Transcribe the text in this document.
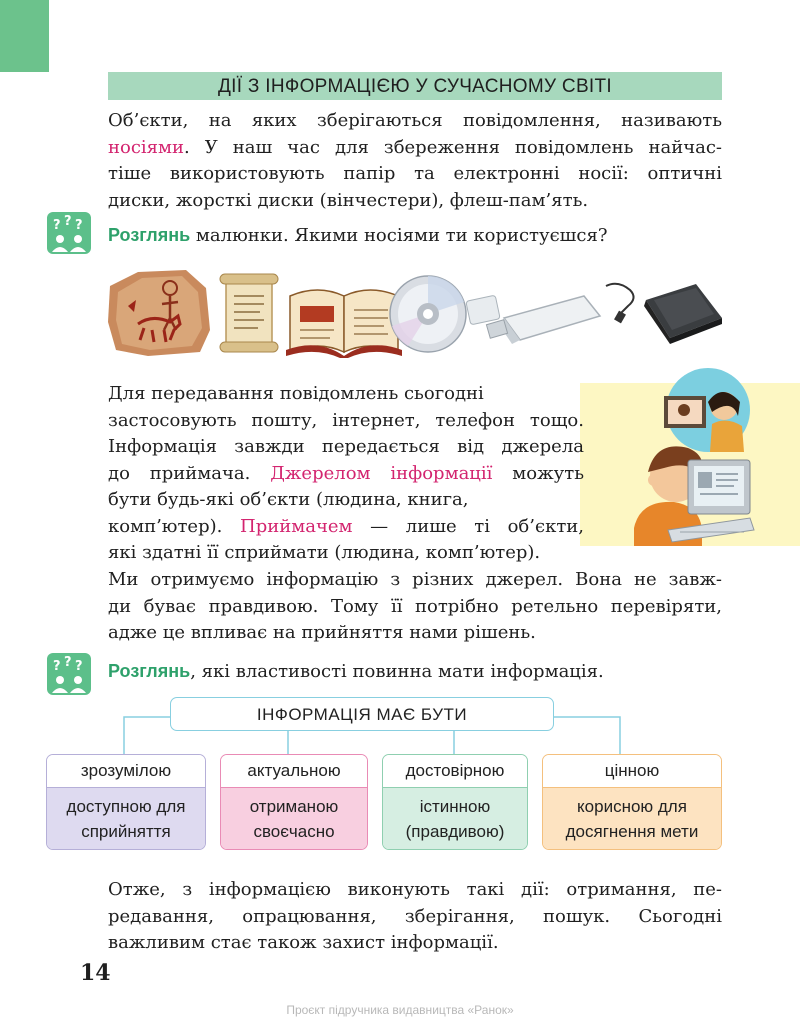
ДІЇ З ІНФОРМАЦІЄЮ У СУЧАСНОМУ СВІТІ
Об’єкти, на яких зберігаються повідомлення, називають
носіями. У наш час для збереження повідомлень найчас-
тіше використовують папір та електронні носії: оптичні
диски, жорсткі диски (вінчестери), флеш-пам’ять.
? ? ? Розглянь малюнки. Якими носіями ти користуєшся?
Для передавання повідомлень сьогодні
застосовують пошту, інтернет, телефон тощо.
Інформація завжди передається від джерела
до приймача. Джерелом інформації можуть
бути будь-які об’єкти (людина, книга,
комп’ютер). Приймачем — лише ті об’єкти,
які здатні її сприймати (людина, комп’ютер).
Ми отримуємо інформацію з різних джерел. Вона не завж-
ди буває правдивою. Тому її потрібно ретельно перевіряти,
адже це впливає на прийняття нами рішень.
? ? ? Розглянь, які властивості повинна мати інформація.
ІНФОРМАЦІЯ МАЄ БУТИ
зрозумілою
доступною для
сприйняття
актуальною
отриманою
своєчасно
достовірною
істинною
(правдивою)
цінною
корисною для
досягнення мети
Отже, з інформацією виконують такі дії: отримання, пе-
редавання, опрацювання, зберігання, пошук. Сьогодні
важливим стає також захист інформації.
14
Проєкт підручника видавництва «Ранок»
